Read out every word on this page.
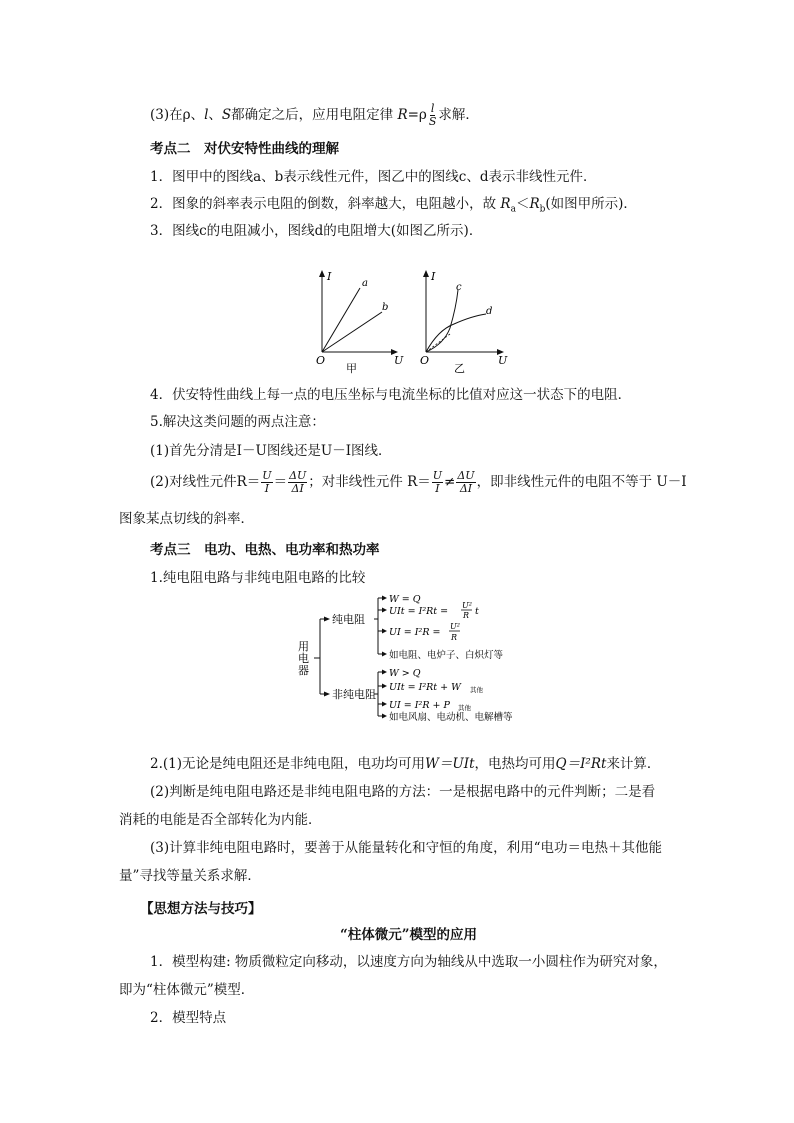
(3)在ρ、l、S都确定之后，应用电阻定律 $R=\rho \frac{l}{S}$ 求解．
考点二　对伏安特性曲线的理解
1．图甲中的图线a、b表示线性元件，图乙中的图线c、d表示非线性元件．
2．图象的斜率表示电阻的倒数，斜率越大，电阻越小，故 $R_a<R_b$(如图甲所示)．
3．图线c的电阻减小，图线d的电阻增大(如图乙所示)．
I
a
b
O	U
甲
I
c
d
O	U
乙
4．伏安特性曲线上每一点的电压坐标与电流坐标的比值对应这一状态下的电阻．
5.解决这类问题的两点注意：
(1)首先分清是I－U图线还是U－I图线．
(2)对线性元件$R= \frac{U}{I} = \frac{\Delta U}{\Delta I}$ ；对非线性元件 $R= \frac{U}{I} \ne \frac{\Delta U}{\Delta I}$ ，即非线性元件的电阻不等于 U－I
图象某点切线的斜率．
考点三　电功、电热、电功率和热功率
1.纯电阻电路与非纯电阻电路的比较
用
电
器
纯电阻
非纯电阻
W = Q
UIt = I²Rt =
U²
R t
UI = I²R =
U²
R
如电阻、电炉子、白炽灯等
W > Q
UIt = I²Rt + W 其他
UI = I²R + P 其他
如电风扇、电动机、电解槽等
2.(1)无论是纯电阻还是非纯电阻，电功均可用W＝UIt，电热均可用Q＝I²Rt来计算．
(2)判断是纯电阻电路还是非纯电阻电路的方法：一是根据电路中的元件判断；二是看
消耗的电能是否全部转化为内能．
(3)计算非纯电阻电路时，要善于从能量转化和守恒的角度，利用“电功＝电热＋其他能
量”寻找等量关系求解．
【思想方法与技巧】
“柱体微元”模型的应用
1．模型构建: 物质微粒定向移动，以速度方向为轴线从中选取一小圆柱作为研究对象，
即为“柱体微元”模型．
2．模型特点
